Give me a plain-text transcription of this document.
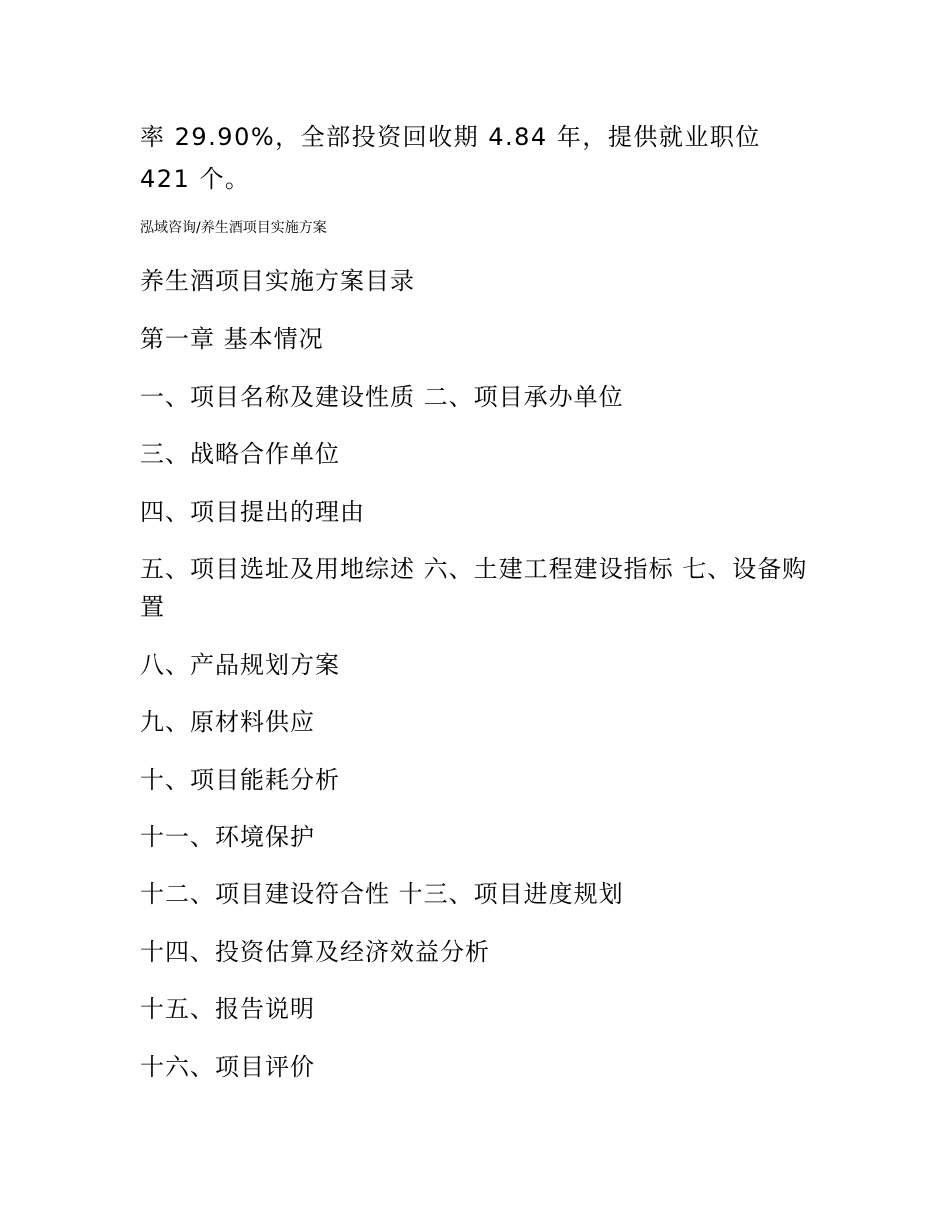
率 29.90%，全部投资回收期 4.84 年，提供就业职位

421 个。

泓域咨询/养生酒项目实施方案

养生酒项目实施方案目录

第一章 基本情况

一、项目名称及建设性质 二、项目承办单位

三、战略合作单位

四、项目提出的理由

五、项目选址及用地综述 六、土建工程建设指标 七、设备购置

八、产品规划方案

九、原材料供应

十、项目能耗分析

十一、环境保护

十二、项目建设符合性 十三、项目进度规划

十四、投资估算及经济效益分析

十五、报告说明

十六、项目评价
